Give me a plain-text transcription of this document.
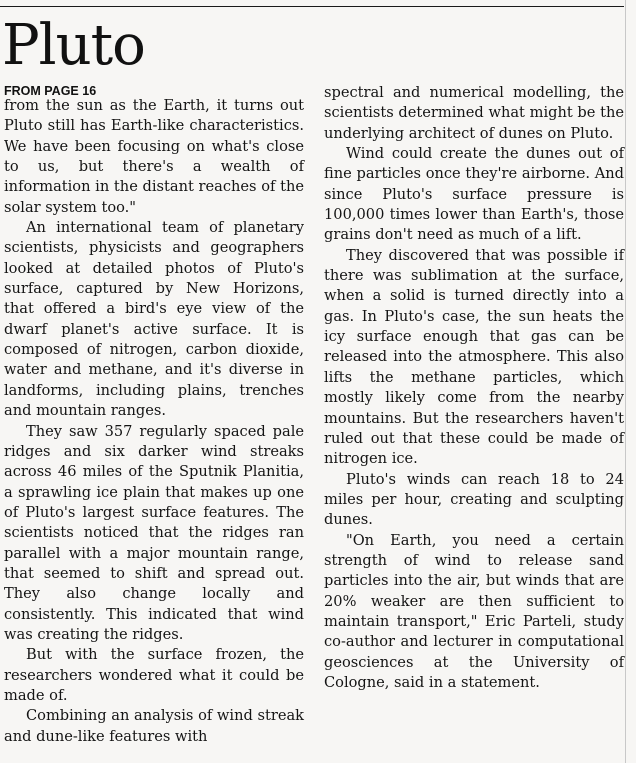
Pluto
FROM PAGE 16

from the sun as the Earth, it turns out Pluto still has Earth-like characteristics. We have been focusing on what's close to us, but there's a wealth of information in the distant reaches of the solar system too."

An international team of planetary scientists, physicists and geographers looked at detailed photos of Pluto's surface, captured by New Horizons, that offered a bird's eye view of the dwarf planet's active surface. It is composed of nitrogen, carbon dioxide, water and methane, and it's diverse in landforms, including plains, trenches and mountain ranges.

They saw 357 regularly spaced pale ridges and six darker wind streaks across 46 miles of the Sputnik Planitia, a sprawling ice plain that makes up one of Pluto's largest surface features. The scientists noticed that the ridges ran parallel with a major mountain range, that seemed to shift and spread out. They also change locally and consistently. This indicated that wind was creating the ridges.

But with the surface frozen, the researchers wondered what it could be made of.

Combining an analysis of wind streak and dune-like features with

spectral and numerical modelling, the scientists determined what might be the underlying architect of dunes on Pluto.

Wind could create the dunes out of fine particles once they're airborne. And since Pluto's surface pressure is 100,000 times lower than Earth's, those grains don't need as much of a lift.

They discovered that was possible if there was sublimation at the surface, when a solid is turned directly into a gas. In Pluto's case, the sun heats the icy surface enough that gas can be released into the atmosphere. This also lifts the methane particles, which mostly likely come from the nearby mountains. But the researchers haven't ruled out that these could be made of nitrogen ice.

Pluto's winds can reach 18 to 24 miles per hour, creating and sculpting dunes.

"On Earth, you need a certain strength of wind to release sand particles into the air, but winds that are 20% weaker are then sufficient to maintain transport," Eric Parteli, study co-author and lecturer in computational geosciences at the University of Cologne, said in a statement.
